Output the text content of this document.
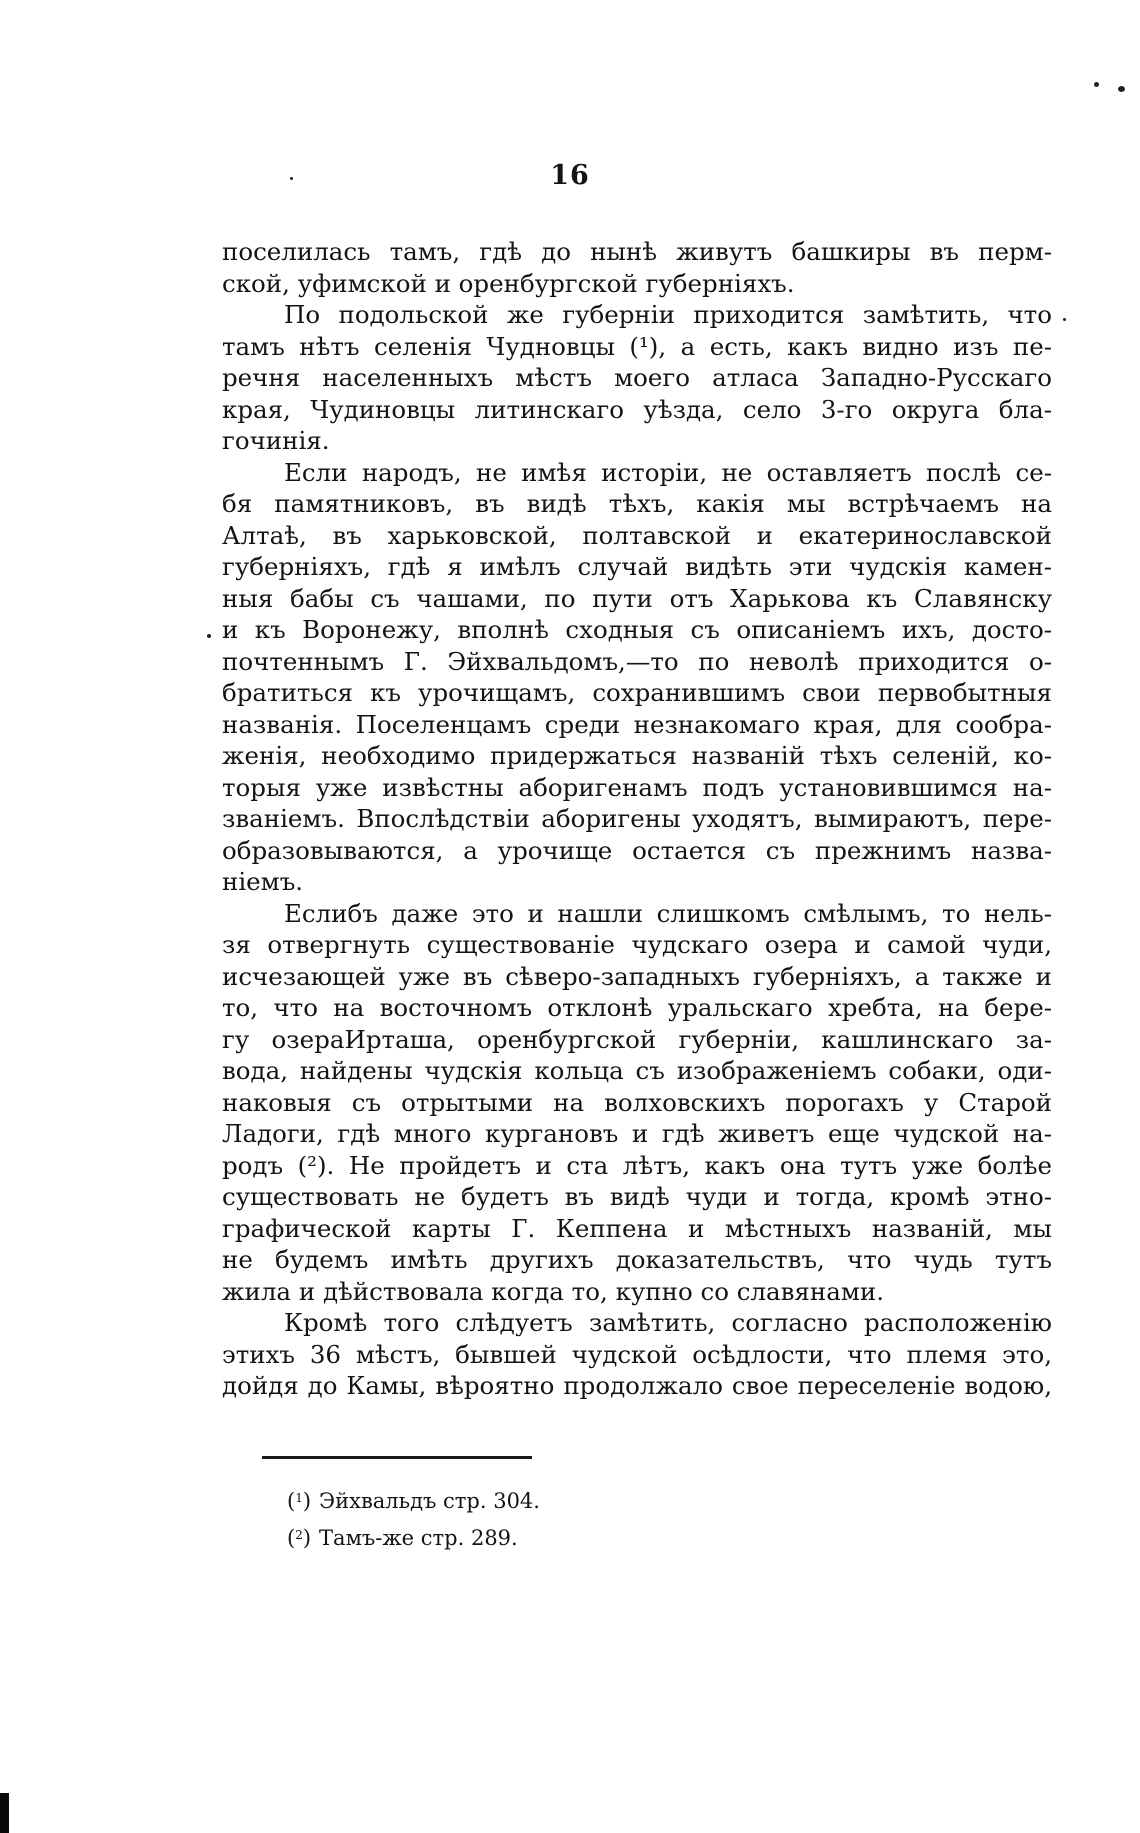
16
поселилась тамъ, гдѣ до нынѣ живутъ башкиры въ перм-
ской, уфимской и оренбургской губерніяхъ.
По подольской же губерніи приходится замѣтить, что
тамъ нѣтъ селенія Чудновцы (¹), а есть, какъ видно изъ пе-
речня населенныхъ мѣстъ моего атласа Западно-Русскаго
края, Чудиновцы литинскаго уѣзда, село 3-го округа бла-
гочинія.
Если народъ, не имѣя исторіи, не оставляетъ послѣ се-
бя памятниковъ, въ видѣ тѣхъ, какія мы встрѣчаемъ на
Алтаѣ, въ харьковской, полтавской и екатеринославской
губерніяхъ, гдѣ я имѣлъ случай видѣть эти чудскія камен-
ныя бабы съ чашами, по пути отъ Харькова къ Славянску
и къ Воронежу, вполнѣ сходныя съ описаніемъ ихъ, досто-
почтеннымъ Г. Эйхвальдомъ,—то по неволѣ приходится о-
братиться къ урочищамъ, сохранившимъ свои первобытныя
названія. Поселенцамъ среди незнакомаго края, для сообра-
женія, необходимо придержаться названій тѣхъ селеній, ко-
торыя уже извѣстны аборигенамъ подъ установившимся на-
званіемъ. Впослѣдствіи аборигены уходятъ, вымираютъ, пере-
образовываются, а урочище остается съ прежнимъ назва-
ніемъ.
Еслибъ даже это и нашли слишкомъ смѣлымъ, то нель-
зя отвергнуть существованіе чудскаго озера и самой чуди,
исчезающей уже въ сѣверо-западныхъ губерніяхъ, а также и
то, что на восточномъ отклонѣ уральскаго хребта, на бере-
гу озераИрташа, оренбургской губерніи, кашлинскаго за-
вода, найдены чудскія кольца съ изображеніемъ собаки, оди-
наковыя съ отрытыми на волховскихъ порогахъ у Старой
Ладоги, гдѣ много кургановъ и гдѣ живетъ еще чудской на-
родъ (²). Не пройдетъ и ста лѣтъ, какъ она тутъ уже болѣе
существовать не будетъ въ видѣ чуди и тогда, кромѣ этно-
графической карты Г. Кеппена и мѣстныхъ названій, мы
не будемъ имѣть другихъ доказательствъ, что чудь тутъ
жила и дѣйствовала когда то, купно со славянами.
Кромѣ того слѣдуетъ замѣтить, согласно расположенію
этихъ 36 мѣстъ, бывшей чудской осѣдлости, что племя это,
дойдя до Камы, вѣроятно продолжало свое переселеніе водою,
($^1$) Эйхвальдъ стр. 304.
($^2$) Тамъ-же стр. 289.
